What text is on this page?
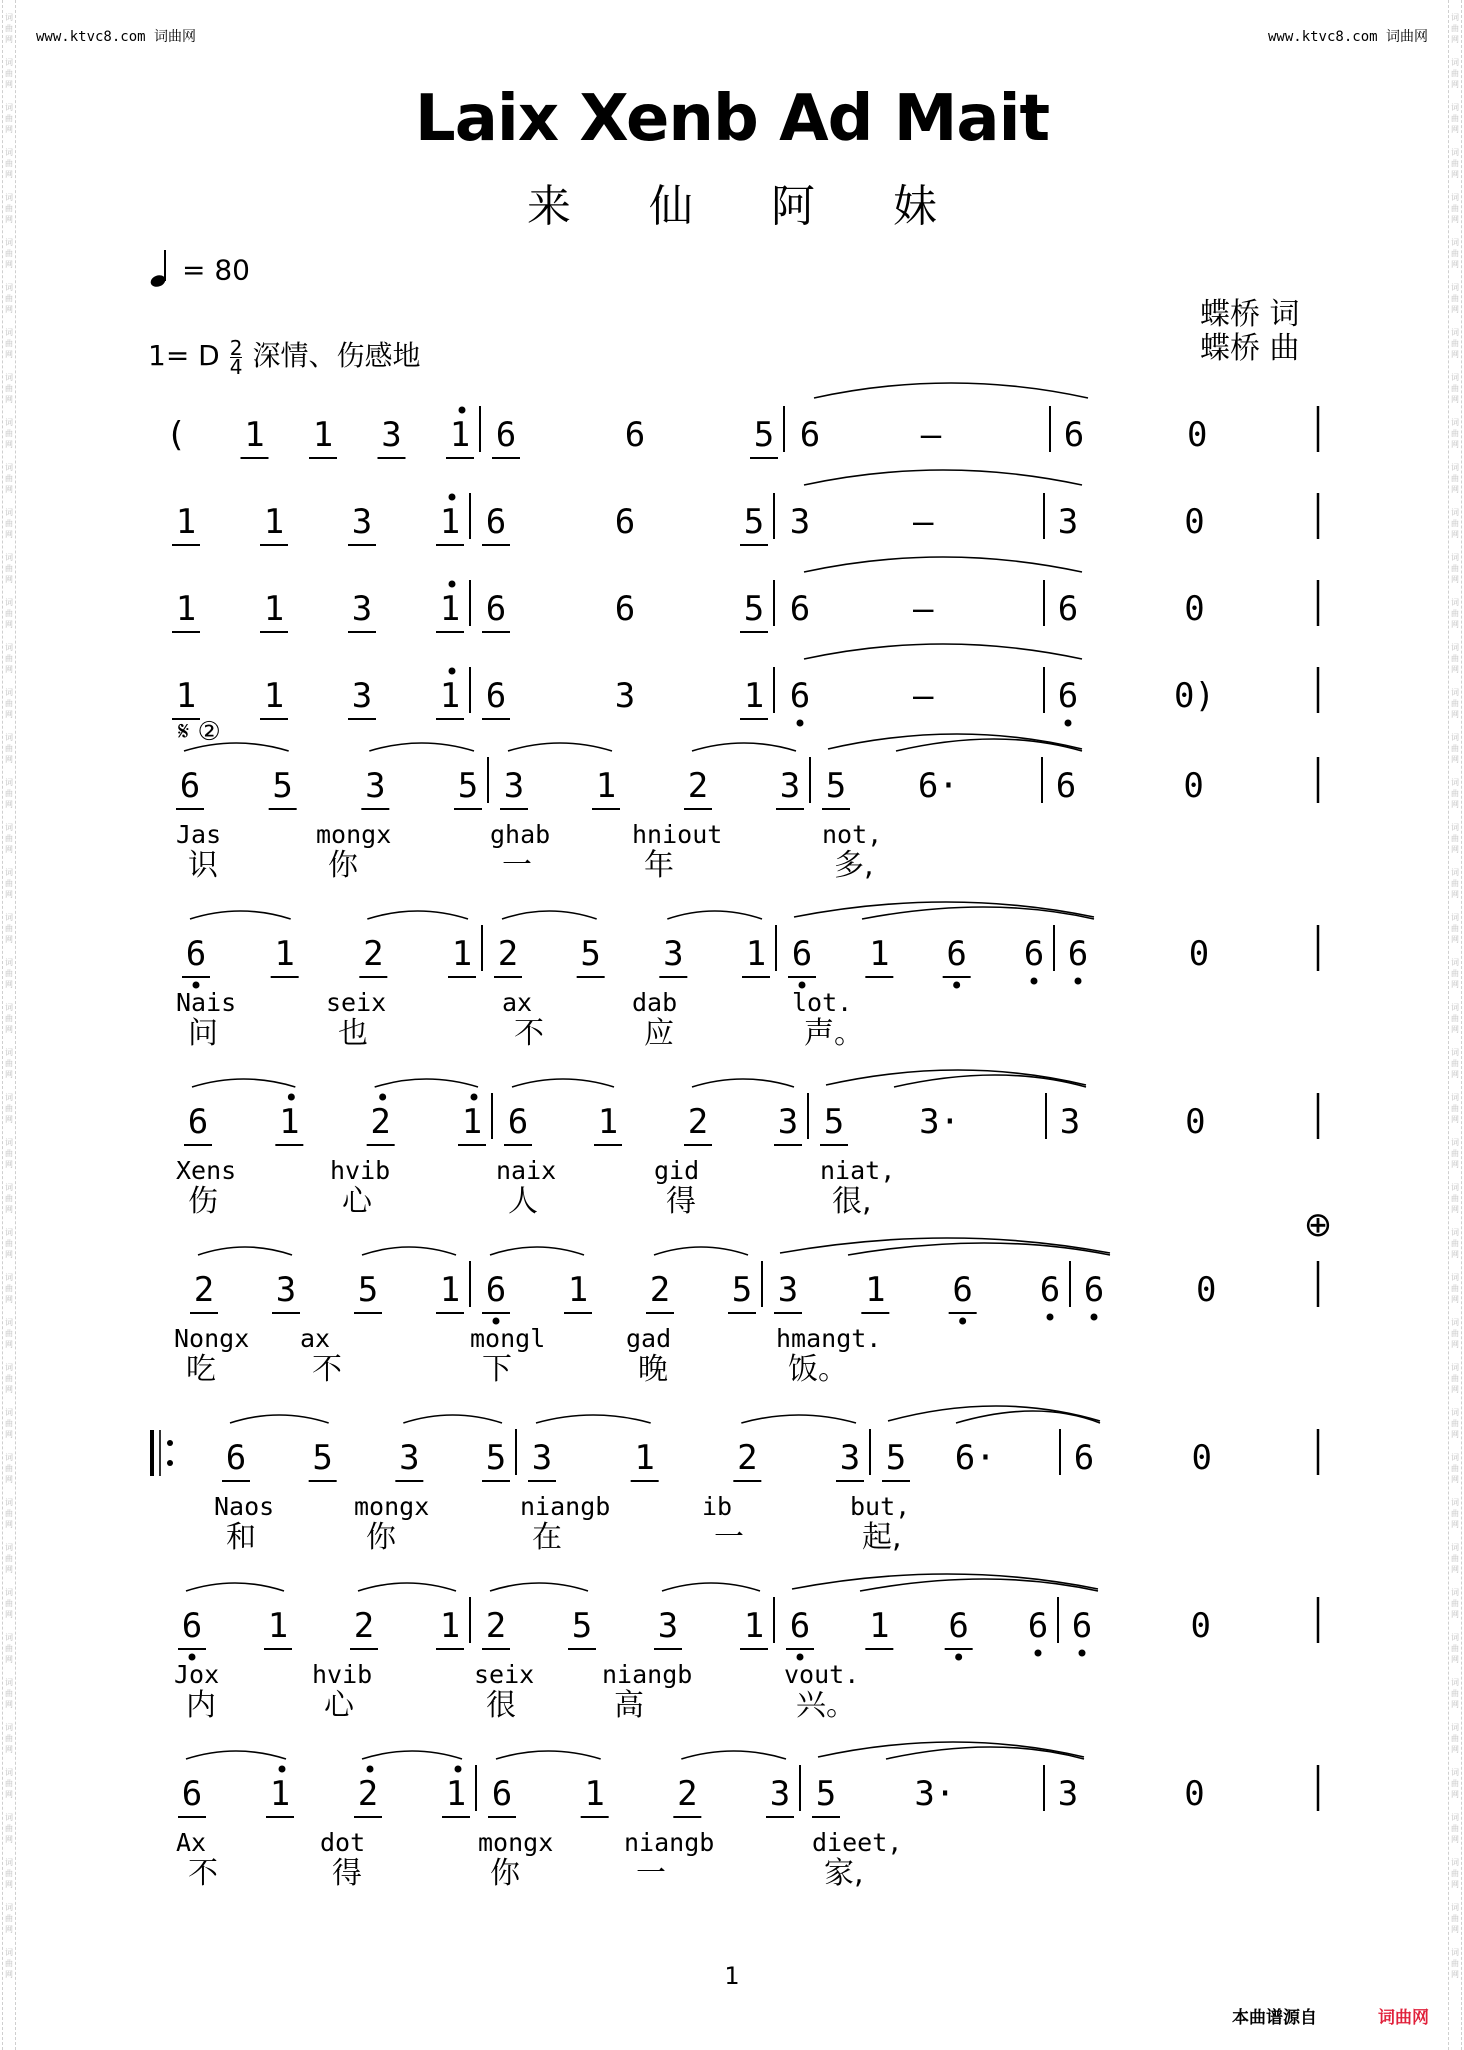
词曲网
词曲网
词曲网
词曲网
词曲网
词曲网
词曲网
词曲网
词曲网
词曲网
词曲网
词曲网
词曲网
词曲网
词曲网
词曲网
词曲网
词曲网
词曲网
词曲网
词曲网
词曲网
词曲网
词曲网
词曲网
词曲网
词曲网
词曲网
词曲网
词曲网
词曲网
词曲网
词曲网
词曲网
词曲网
词曲网
词曲网
词曲网
词曲网
词曲网
词曲网
词曲网
词曲网
词曲网
词曲网
词曲网
词曲网
词曲网
词曲网
词曲网
词曲网
词曲网
词曲网
词曲网
词曲网
词曲网
词曲网
词曲网
词曲网
词曲网
词曲网
词曲网
词曲网
词曲网
词曲网
词曲网
词曲网
词曲网
词曲网
词曲网
词曲网
词曲网
词曲网
词曲网
词曲网
词曲网
词曲网
词曲网
词曲网
词曲网
词曲网
词曲网
词曲网
词曲网
词曲网
词曲网
词曲网
词曲网
www.ktvc8.com 词曲网	www.ktvc8.com 词曲网
Laix Xenb Ad Mait
来仙阿妹
= 80
1= D $\frac{2}{4}$ 深情、伤感地
蝶桥 词
蝶桥 曲
( 1 1 3 1 6	6	5 6	–	6	0
1 1 3 1 6	6	5 3	–	3	0
1 1 3 1 6	6	5 6	–	6	0
1 1 3 1 6	3	1 6	–	6	0)
6 5 3 5 3 1 2 3 5 6·	6	0
Jas	mongx	ghab	hniout	not,
识	你	一	年	多,
6 1 2 1 2 5 3 1 6 1 6 6 6	0
Nais	seix	ax	dab	lot.
问	也	不	应	声。
6 1 2 1 6 1 2 3 5 3·	3	0
Xens	hvib	naix	gid	niat,
伤	心	人	得	很,
2 3 5 1 6 1 2 5 3 1 6 6 6	0
Nongx ax	mongl	gad	hmangt.
吃	不	下	晚	饭。
6 5 3 5 3 1 2 3 5 6· 6	0
Naos	mongx	niangb	ib	but,
和	你	在	一	起,
6 1 2 1 2 5 3 1 6 1 6 6 6	0
Jox	hvib	seix	niangb	vout.
内	心	很	高	兴。
6 1 2 1 6 1 2 3 5 3·	3	0
Ax	dot	mongx	niangb	dieet,
不	得	你	一	家,
𝄋 ②
⊕
1
本曲谱源自	词曲网
